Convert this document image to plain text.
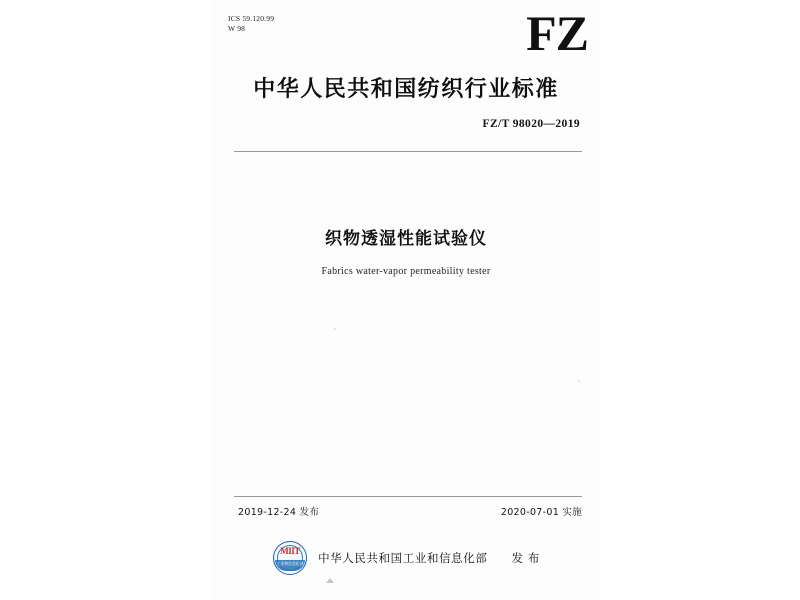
ICS 59.120.99
W 98	FZ
中华人民共和国纺织行业标准
FZ/T 98020—2019
织物透湿性能试验仪
Fabrics water-vapor permeability tester
2019-12-24 发布	2020-07-01 实施
MIIT
工业和信息化部	中华人民共和国工业和信息化部 发 布
